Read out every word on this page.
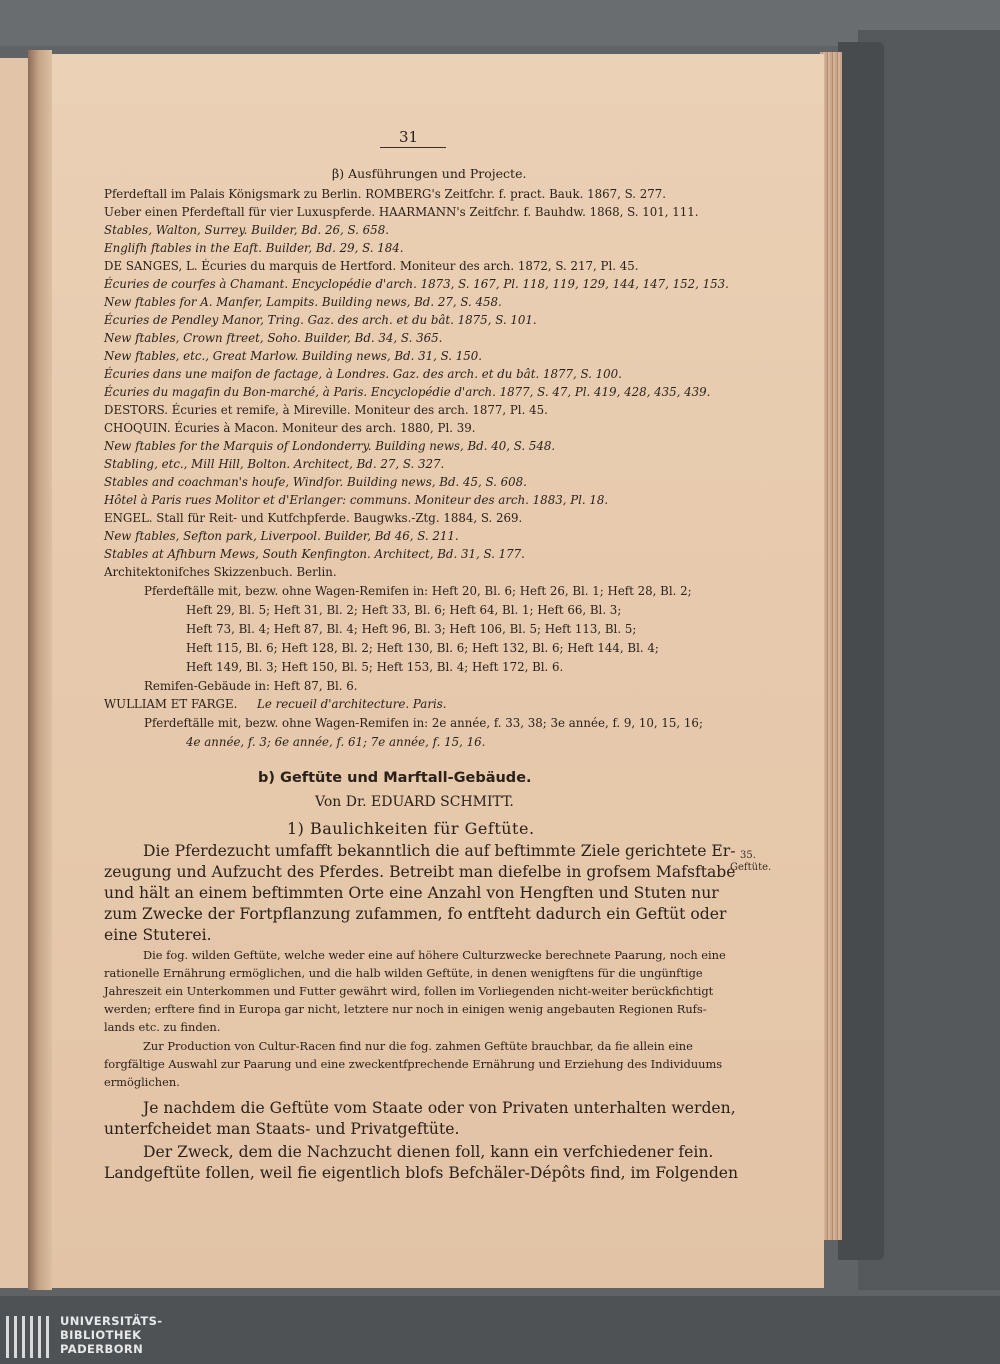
31
β) Ausführungen und Projecte.
Pferdeftall im Palais Königsmark zu Berlin. ROMBERG's Zeitfchr. f. pract. Bauk. 1867, S. 277.
Ueber einen Pferdeftall für vier Luxuspferde. HAARMANN's Zeitfchr. f. Bauhdw. 1868, S. 101, 111.
Stables, Walton, Surrey. Builder, Bd. 26, S. 658.
Englifh ftables in the Eaft. Builder, Bd. 29, S. 184.
DE SANGES, L. Écuries du marquis de Hertford. Moniteur des arch. 1872, S. 217, Pl. 45.
Écuries de courfes à Chamant. Encyclopédie d'arch. 1873, S. 167, Pl. 118, 119, 129, 144, 147, 152, 153.
New ftables for A. Manfer, Lampits. Building news, Bd. 27, S. 458.
Écuries de Pendley Manor, Tring. Gaz. des arch. et du bât. 1875, S. 101.
New ftables, Crown ftreet, Soho. Builder, Bd. 34, S. 365.
New ftables, etc., Great Marlow. Building news, Bd. 31, S. 150.
Écuries dans une maifon de factage, à Londres. Gaz. des arch. et du bât. 1877, S. 100.
Écuries du magafin du Bon-marché, à Paris. Encyclopédie d'arch. 1877, S. 47, Pl. 419, 428, 435, 439.
DESTORS. Écuries et remife, à Mireville. Moniteur des arch. 1877, Pl. 45.
CHOQUIN. Écuries à Macon. Moniteur des arch. 1880, Pl. 39.
New ftables for the Marquis of Londonderry. Building news, Bd. 40, S. 548.
Stabling, etc., Mill Hill, Bolton. Architect, Bd. 27, S. 327.
Stables and coachman's houfe, Windfor. Building news, Bd. 45, S. 608.
Hôtel à Paris rues Molitor et d'Erlanger: communs. Moniteur des arch. 1883, Pl. 18.
ENGEL. Stall für Reit- und Kutfchpferde. Baugwks.-Ztg. 1884, S. 269.
New ftables, Sefton park, Liverpool. Builder, Bd 46, S. 211.
Stables at Afhburn Mews, South Kenfington. Architect, Bd. 31, S. 177.
Architektonifches Skizzenbuch. Berlin.
Pferdeftälle mit, bezw. ohne Wagen-Remifen in: Heft 20, Bl. 6; Heft 26, Bl. 1; Heft 28, Bl. 2;
Heft 29, Bl. 5; Heft 31, Bl. 2; Heft 33, Bl. 6; Heft 64, Bl. 1; Heft 66, Bl. 3;
Heft 73, Bl. 4; Heft 87, Bl. 4; Heft 96, Bl. 3; Heft 106, Bl. 5; Heft 113, Bl. 5;
Heft 115, Bl. 6; Heft 128, Bl. 2; Heft 130, Bl. 6; Heft 132, Bl. 6; Heft 144, Bl. 4;
Heft 149, Bl. 3; Heft 150, Bl. 5; Heft 153, Bl. 4; Heft 172, Bl. 6.
Remifen-Gebäude in: Heft 87, Bl. 6.
WULLIAM ET FARGE. Le recueil d'architecture. Paris.
Pferdeftälle mit, bezw. ohne Wagen-Remifen in: 2e année, f. 33, 38; 3e année, f. 9, 10, 15, 16;
4e année, f. 3; 6e année, f. 61; 7e année, f. 15, 16.
b) Geftüte und Marftall-Gebäude.
Von Dr. EDUARD SCHMITT.
1) Baulichkeiten für Geftüte.
35.
Geftüte.
Die Pferdezucht umfafft bekanntlich die auf beftimmte Ziele gerichtete Er-
zeugung und Aufzucht des Pferdes. Betreibt man diefelbe in grofsem Mafsftabe
und hält an einem beftimmten Orte eine Anzahl von Hengften und Stuten nur
zum Zwecke der Fortpflanzung zufammen, fo entfteht dadurch ein Geftüt oder
eine Stuterei.
Die fog. wilden Geftüte, welche weder eine auf höhere Culturzwecke berechnete Paarung, noch eine
rationelle Ernährung ermöglichen, und die halb wilden Geftüte, in denen wenigftens für die ungünftige
Jahreszeit ein Unterkommen und Futter gewährt wird, follen im Vorliegenden nicht-weiter berückfichtigt
werden; erftere find in Europa gar nicht, letztere nur noch in einigen wenig angebauten Regionen Rufs-
lands etc. zu finden.
Zur Production von Cultur-Racen find nur die fog. zahmen Geftüte brauchbar, da fie allein eine
forgfältige Auswahl zur Paarung und eine zweckentfprechende Ernährung und Erziehung des Individuums
ermöglichen.
Je nachdem die Geftüte vom Staate oder von Privaten unterhalten werden,
unterfcheidet man Staats- und Privatgeftüte.
Der Zweck, dem die Nachzucht dienen foll, kann ein verfchiedener fein.
Landgeftüte follen, weil fie eigentlich blofs Befchäler-Dépôts find, im Folgenden
UNIVERSITÄTS-
BIBLIOTHEK
PADERBORN
